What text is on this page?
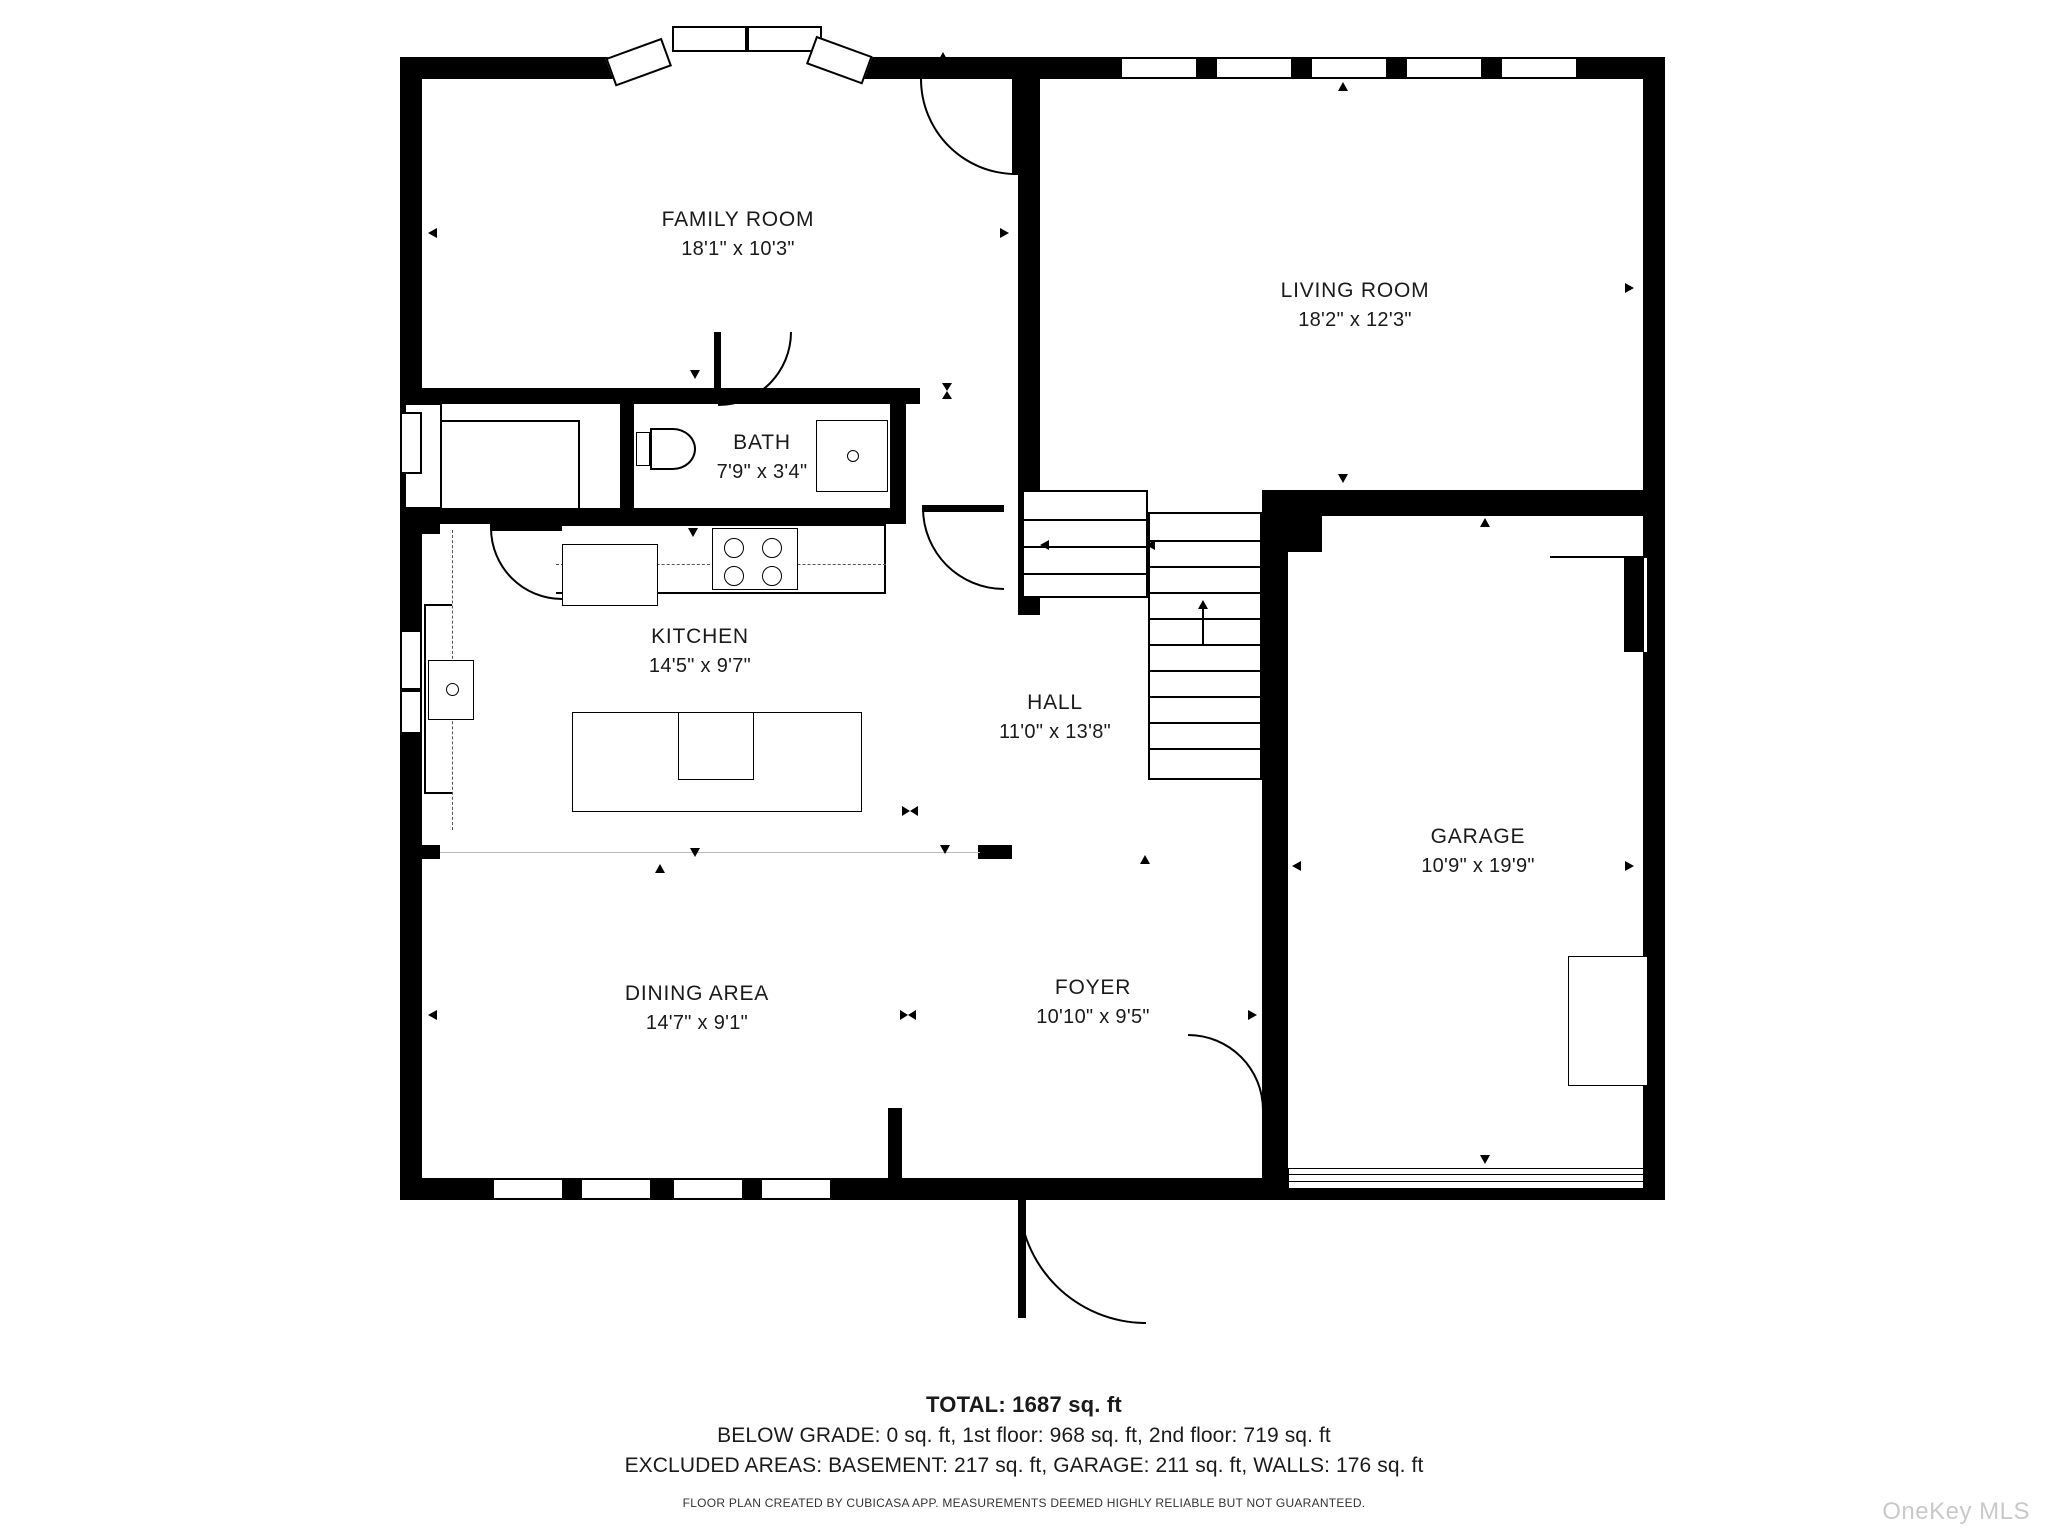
FAMILY ROOM
18'1" x 10'3"
LIVING ROOM
18'2" x 12'3"
BATH
7'9" x 3'4"
KITCHEN
14'5" x 9'7"
HALL
11'0" x 13'8"
GARAGE
10'9" x 19'9"
DINING AREA
14'7" x 9'1"
FOYER
10'10" x 9'5"
TOTAL: 1687 sq. ft
BELOW GRADE: 0 sq. ft, 1st floor: 968 sq. ft, 2nd floor: 719 sq. ft
EXCLUDED AREAS: BASEMENT: 217 sq. ft, GARAGE: 211 sq. ft, WALLS: 176 sq. ft
FLOOR PLAN CREATED BY CUBICASA APP. MEASUREMENTS DEEMED HIGHLY RELIABLE BUT NOT GUARANTEED.	OneKey MLS
